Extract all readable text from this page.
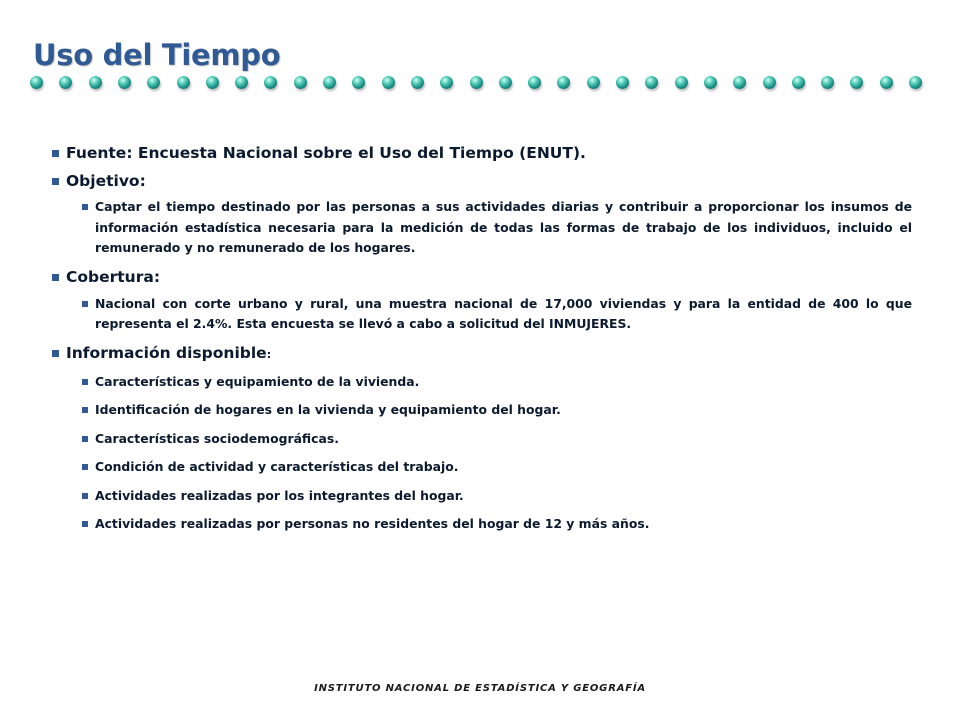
Uso del Tiempo
Fuente: Encuesta Nacional sobre el Uso del Tiempo (ENUT).
Objetivo:
Captar el tiempo destinado por las personas a sus actividades diarias y contribuir a proporcionar los insumos de información estadística necesaria para la medición de todas las formas de trabajo de los individuos, incluido el remunerado y no remunerado de los hogares.
Cobertura:
Nacional con corte urbano y rural, una muestra nacional de 17,000 viviendas y para la entidad de 400 lo que representa el 2.4%. Esta encuesta se llevó a cabo a solicitud del INMUJERES.
Información disponible:
Características y equipamiento de la vivienda.
Identificación de hogares en la vivienda y equipamiento del hogar.
Características sociodemográficas.
Condición de actividad y características del trabajo.
Actividades realizadas por los integrantes del hogar.
Actividades realizadas por personas no residentes del hogar de 12 y más años.
INSTITUTO NACIONAL DE ESTADÍSTICA Y GEOGRAFÍA
